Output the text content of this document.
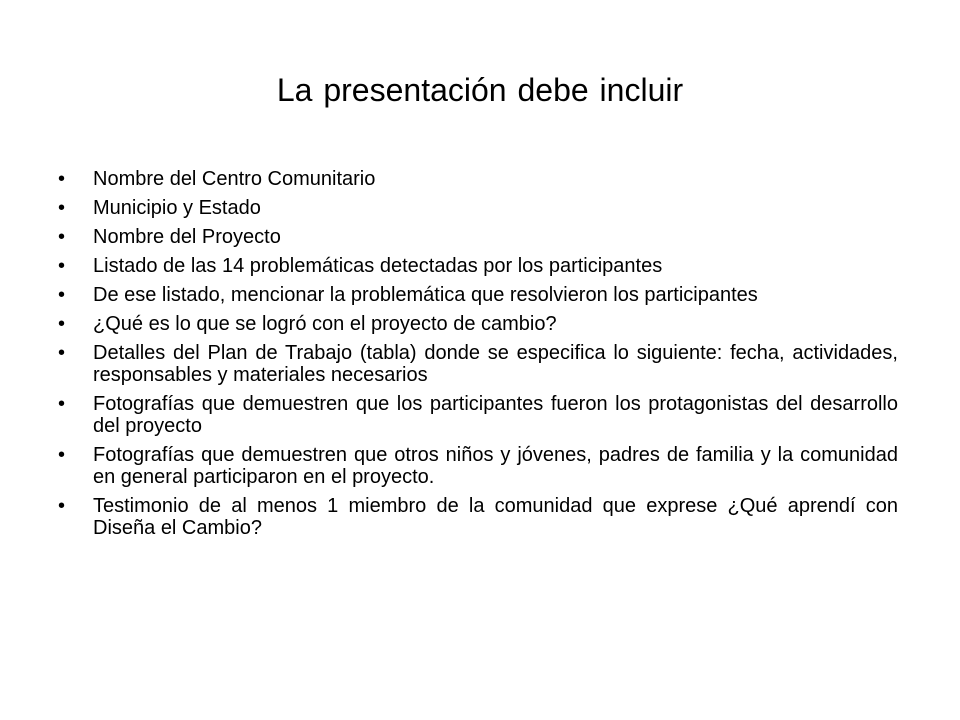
La presentación debe incluir
•	Nombre del Centro Comunitario
•	Municipio y Estado
•	Nombre del Proyecto
•	Listado de las 14 problemáticas detectadas por los participantes
•	De ese listado, mencionar la problemática que resolvieron los participantes
•	¿Qué es lo que se logró con el proyecto de cambio?
•	Detalles del Plan de Trabajo (tabla) donde se especifica lo siguiente: fecha, actividades, responsables y materiales necesarios
•	Fotografías que demuestren que los participantes fueron los protagonistas del desarrollo del proyecto
•	Fotografías que demuestren que otros niños y jóvenes, padres de familia y la comunidad en general participaron en el proyecto.
•	Testimonio de al menos 1 miembro de la comunidad que exprese ¿Qué aprendí con Diseña el Cambio?
